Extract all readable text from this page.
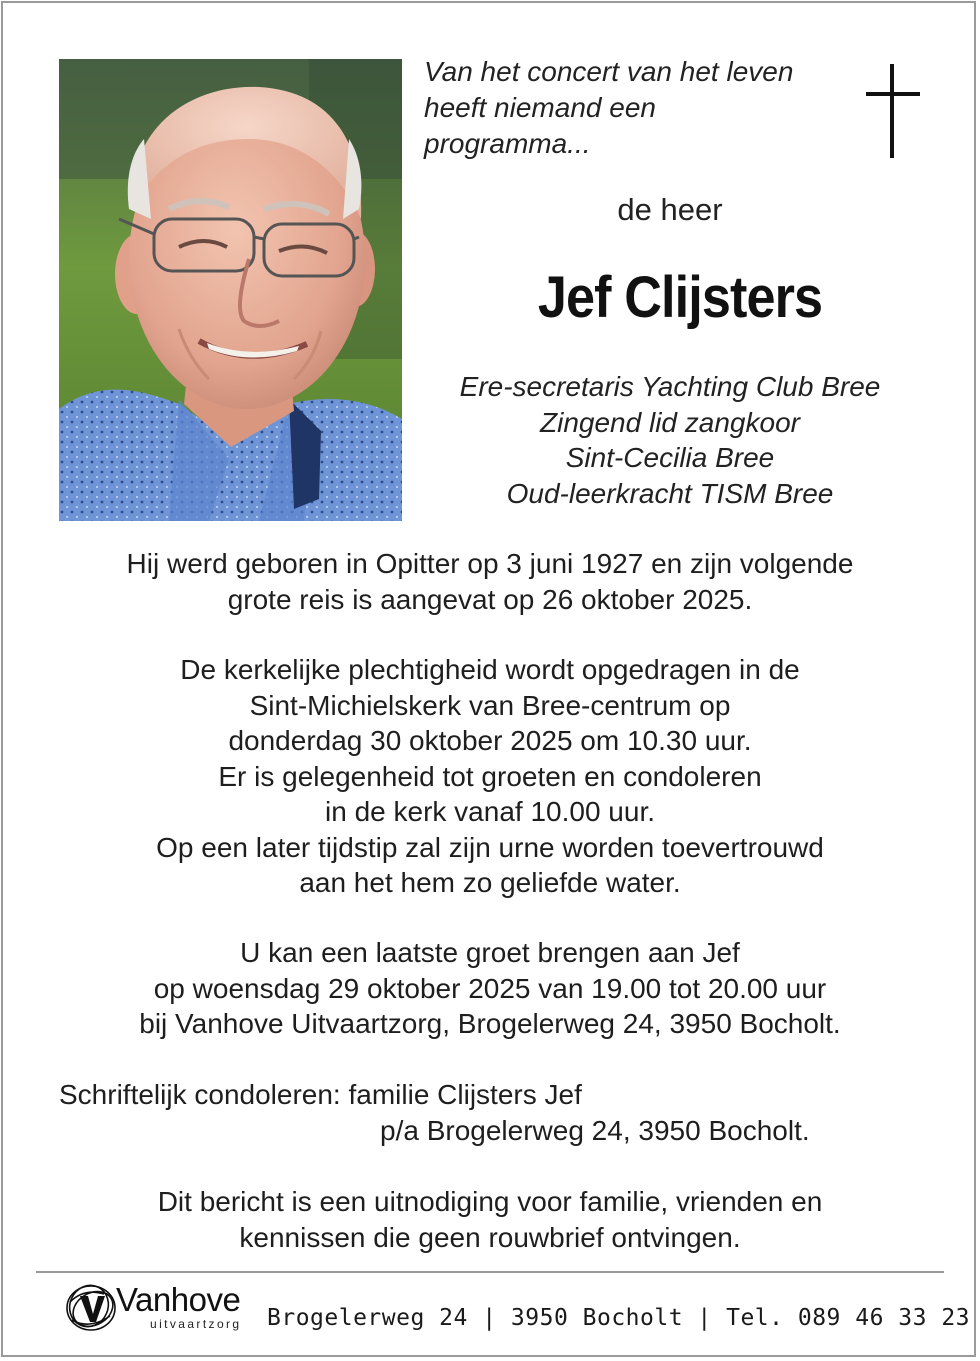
Van het concert van het leven
heeft niemand een
programma...
de heer
Jef Clijsters
Ere-secretaris Yachting Club Bree
Zingend lid zangkoor
Sint-Cecilia Bree
Oud-leerkracht TISM Bree
Hij werd geboren in Opitter op 3 juni 1927 en zijn volgende
grote reis is aangevat op 26 oktober 2025.
De kerkelijke plechtigheid wordt opgedragen in de
Sint-Michielskerk van Bree-centrum op
donderdag 30 oktober 2025 om 10.30 uur.
Er is gelegenheid tot groeten en condoleren
in de kerk vanaf 10.00 uur.
Op een later tijdstip zal zijn urne worden toevertrouwd
aan het hem zo geliefde water.
U kan een laatste groet brengen aan Jef
op woensdag 29 oktober 2025 van 19.00 tot 20.00 uur
bij Vanhove Uitvaartzorg, Brogelerweg 24, 3950 Bocholt.
Schriftelijk condoleren: familie Clijsters Jef
p/a Brogelerweg 24, 3950 Bocholt.
Dit bericht is een uitnodiging voor familie, vrienden en
kennissen die geen rouwbrief ontvingen.
Vanhove
uitvaartzorg Brogelerweg 24 | 3950 Bocholt | Tel. 089 46 33 23
